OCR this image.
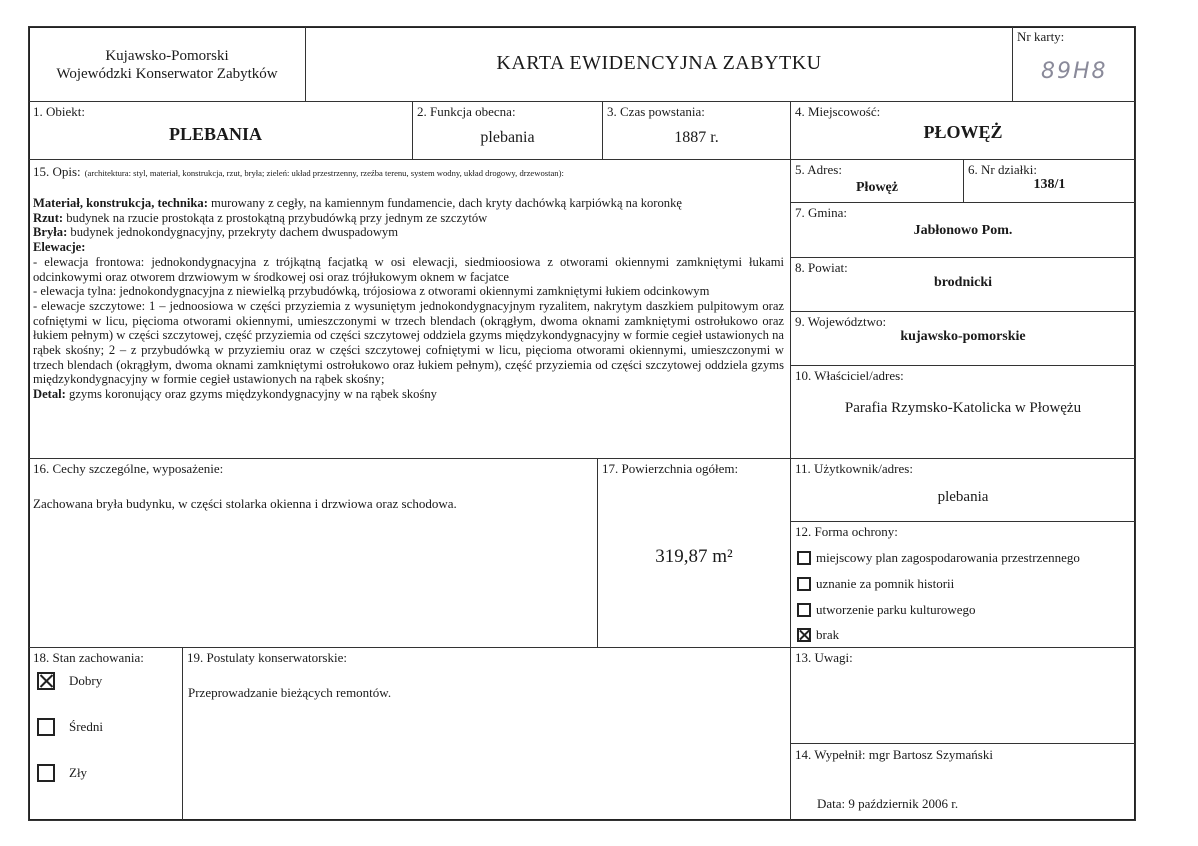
Kujawsko-Pomorski
Wojewódzki Konserwator Zabytków	KARTA EWIDENCYJNA ZABYTKU
Nr karty:
89H8
1. Obiekt:
PLEBANIA
2. Funkcja obecna:
plebania
3. Czas powstania:
1887 r.
4. Miejscowość:
PŁOWĘŻ
15. Opis: (architektura: styl, materiał, konstrukcja, rzut, bryła; zieleń: układ przestrzenny, rzeźba terenu, system wodny, układ drogowy, drzewostan):

Materiał, konstrukcja, technika: murowany z cegły, na kamiennym fundamencie, dach kryty dachówką karpiówką na koronkę

Rzut: budynek na rzucie prostokąta z prostokątną przybudówką przy jednym ze szczytów

Bryła: budynek jednokondygnacyjny, przekryty dachem dwuspadowym

Elewacje:

- elewacja frontowa: jednokondygnacyjna z trójkątną facjatką w osi elewacji, siedmioosiowa z otworami okiennymi zamkniętymi łukami odcinkowymi oraz otworem drzwiowym w środkowej osi oraz trójłukowym oknem w facjatce

- elewacja tylna: jednokondygnacyjna z niewielką przybudówką, trójosiowa z otworami okiennymi zamkniętymi łukiem odcinkowym

- elewacje szczytowe: 1 – jednoosiowa w części przyziemia z wysuniętym jednokondygnacyjnym ryzalitem, nakrytym daszkiem pulpitowym oraz cofniętymi w licu, pięcioma otworami okiennymi, umieszczonymi w trzech blendach (okrągłym, dwoma oknami zamkniętymi ostrołukowo oraz łukiem pełnym) w części szczytowej, część przyziemia od części szczytowej oddziela gzyms międzykondygnacyjny w formie cegieł ustawionych na rąbek skośny; 2 – z przybudówką w przyziemiu oraz w części szczytowej cofniętymi w licu, pięcioma otworami okiennymi, umieszczonymi w trzech blendach (okrągłym, dwoma oknami zamkniętymi ostrołukowo oraz łukiem pełnym), część przyziemia od części szczytowej oddziela gzyms międzykondygnacyjny w formie cegieł ustawionych na rąbek skośny;

Detal: gzyms koronujący oraz gzyms międzykondygnacyjny w na rąbek skośny

5. Adres:
Płowęż
6. Nr działki:
138/1
7. Gmina:
Jabłonowo Pom.
8. Powiat:
brodnicki
9. Województwo:
kujawsko-pomorskie
10. Właściciel/adres:
Parafia Rzymsko-Katolicka w Płowężu
16. Cechy szczególne, wyposażenie:
Zachowana bryła budynku, w części stolarka okienna i drzwiowa oraz schodowa.
17. Powierzchnia ogółem:
319,87 m²
11. Użytkownik/adres:
plebania
12. Forma ochrony:
miejscowy plan zagospodarowania przestrzennego
uznanie za pomnik historii
utworzenie parku kulturowego
brak
18. Stan zachowania:
Dobry
Średni
Zły
19. Postulaty konserwatorskie:
Przeprowadzanie bieżących remontów.
13. Uwagi:
14. Wypełnił: mgr Bartosz Szymański
Data: 9 październik 2006 r.
